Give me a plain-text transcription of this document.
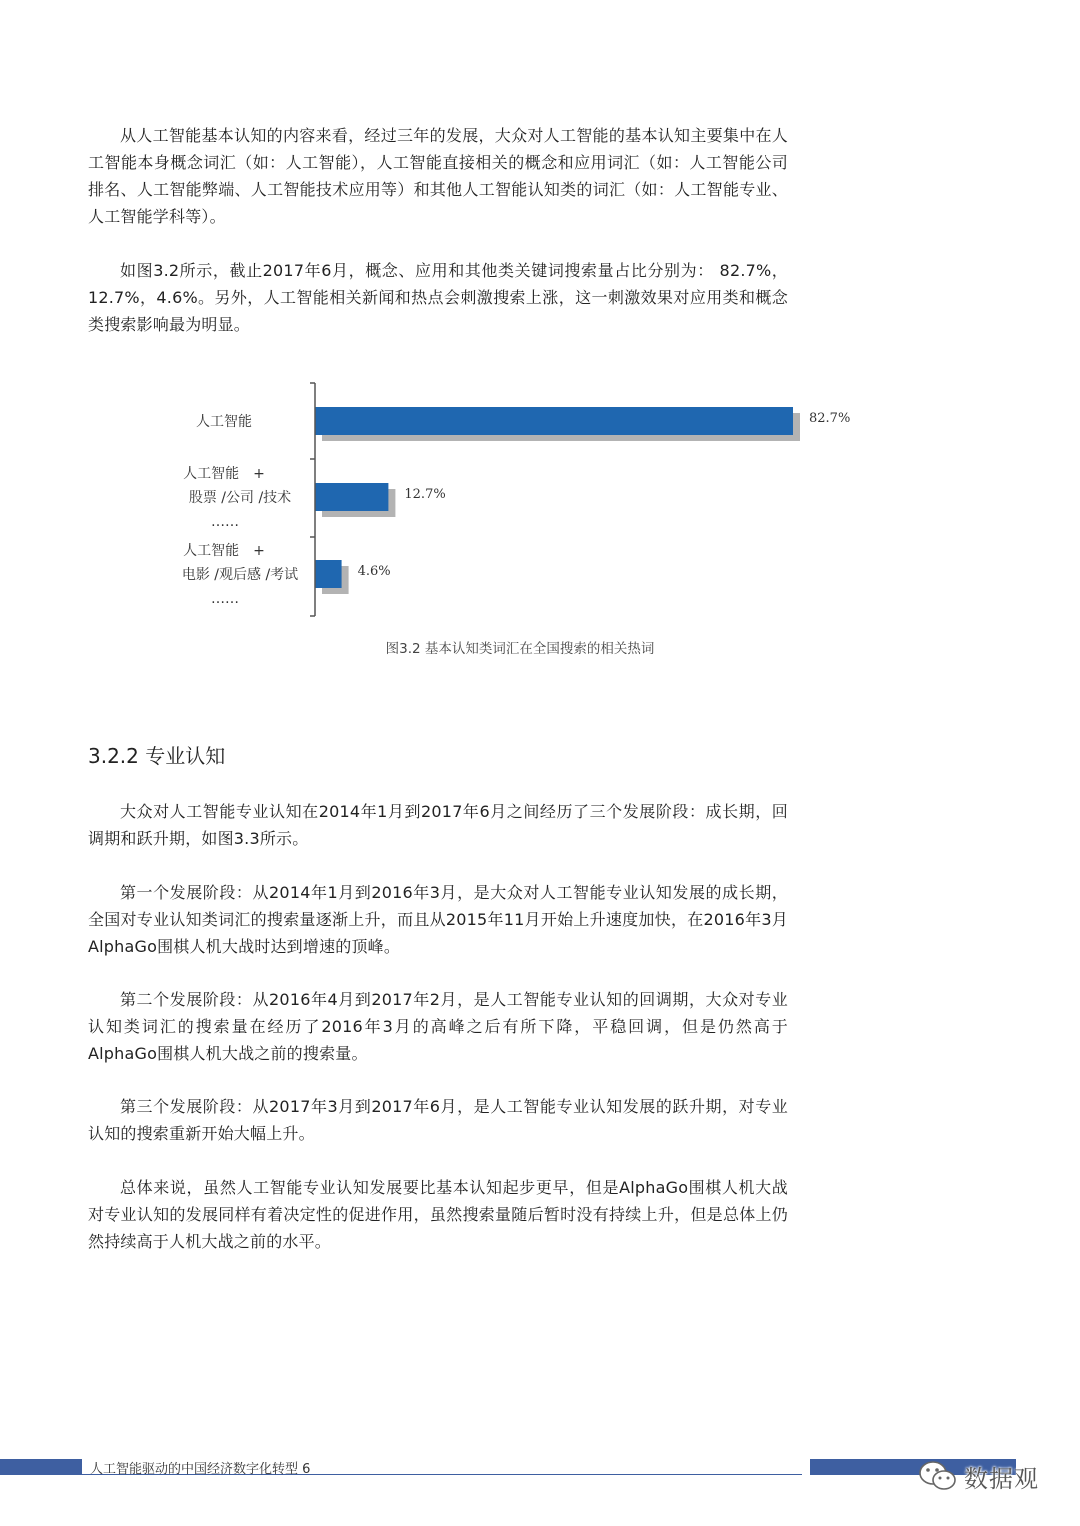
从人工智能基本认知的内容来看，经过三年的发展，大众对人工智能的基本认知主要集中在人工智能本身概念词汇（如：人工智能），人工智能直接相关的概念和应用词汇（如：人工智能公司排名、人工智能弊端、人工智能技术应用等）和其他人工智能认知类的词汇（如：人工智能专业、人工智能学科等）。

如图3.2所示，截止2017年6月，概念、应用和其他类关键词搜索量占比分别为： 82.7%，12.7%，4.6%。另外，人工智能相关新闻和热点会刺激搜索上涨，这一刺激效果对应用类和概念类搜索影响最为明显。

82.7%
12.7%
4.6%
人工智能
人工智能　+
股票 /公司 /技术
……
人工智能　+
电影 /观后感 /考试
……
图3.2 基本认知类词汇在全国搜索的相关热词
3.2.2 专业认知

大众对人工智能专业认知在2014年1月到2017年6月之间经历了三个发展阶段：成长期，回调期和跃升期，如图3.3所示。

第一个发展阶段：从2014年1月到2016年3月，是大众对人工智能专业认知发展的成长期，全国对专业认知类词汇的搜索量逐渐上升，而且从2015年11月开始上升速度加快，在2016年3月AlphaGo围棋人机大战时达到增速的顶峰。

第二个发展阶段：从2016年4月到2017年2月，是人工智能专业认知的回调期，大众对专业认知类词汇的搜索量在经历了2016年3月的高峰之后有所下降，平稳回调，但是仍然高于AlphaGo围棋人机大战之前的搜索量。

第三个发展阶段：从2017年3月到2017年6月，是人工智能专业认知发展的跃升期，对专业认知的搜索重新开始大幅上升。

总体来说，虽然人工智能专业认知发展要比基本认知起步更早，但是AlphaGo围棋人机大战对专业认知的发展同样有着决定性的促进作用，虽然搜索量随后暂时没有持续上升，但是总体上仍然持续高于人机大战之前的水平。

人工智能驱动的中国经济数字化转型 6	数据观
